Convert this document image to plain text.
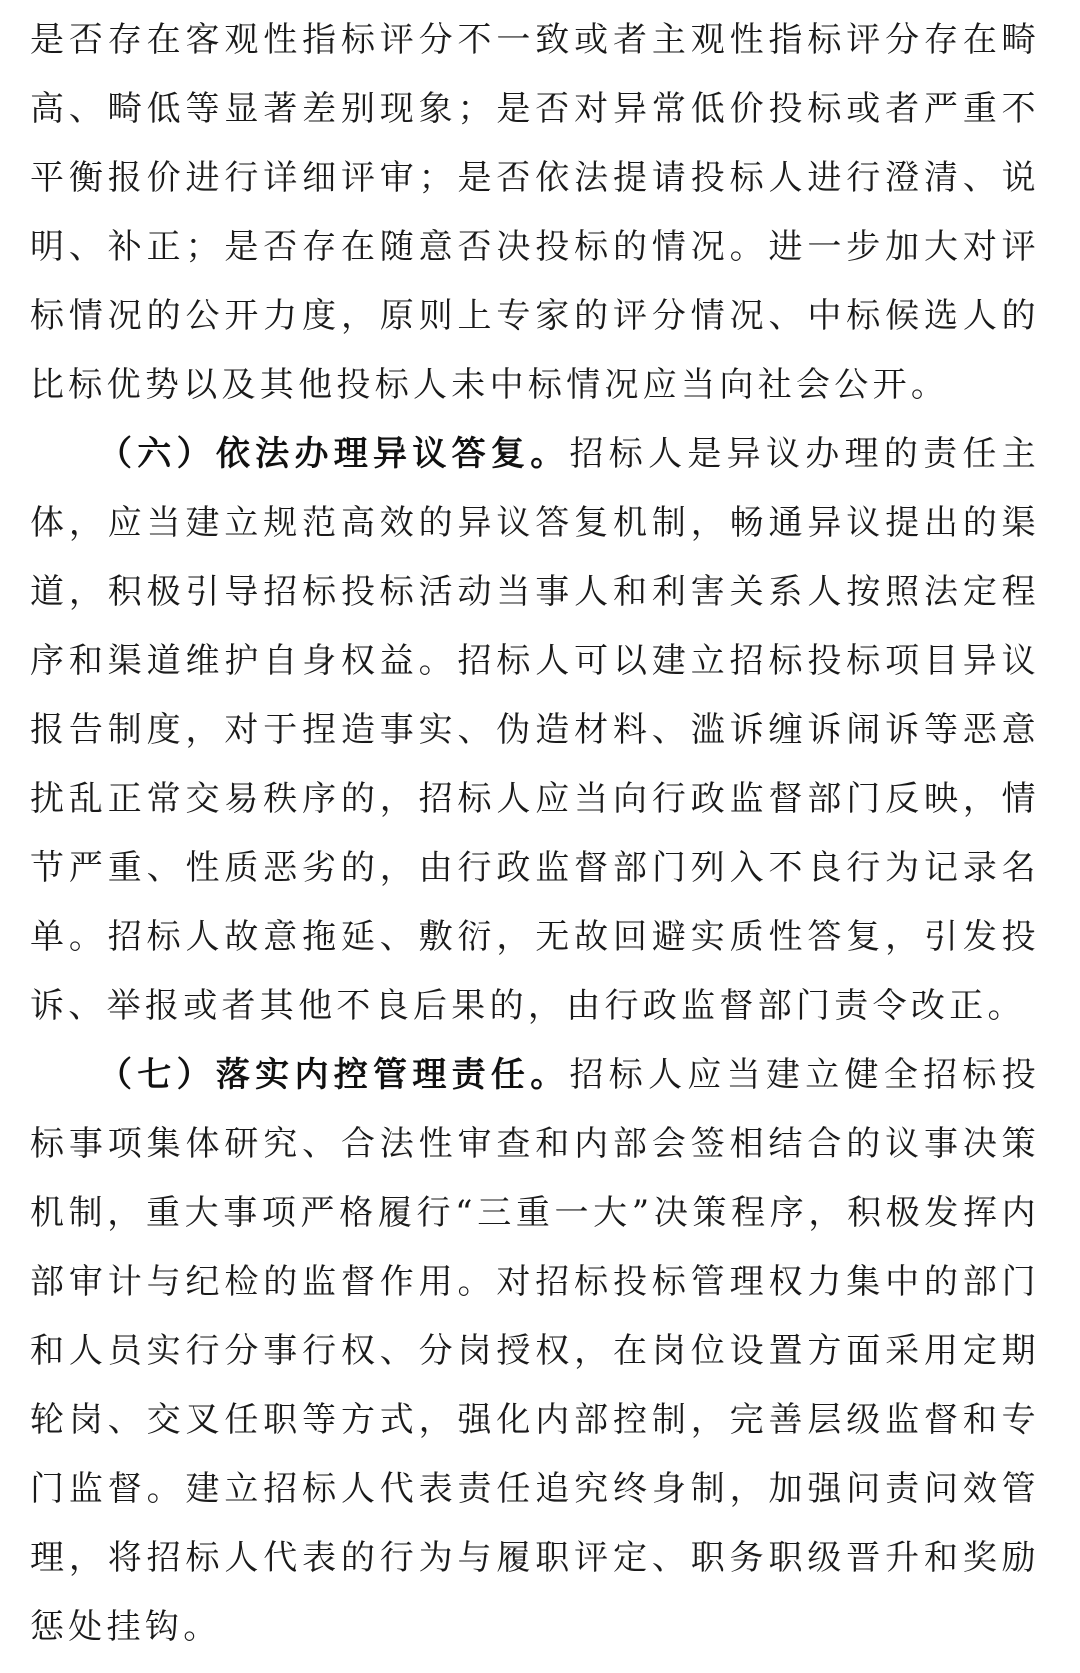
是否存在客观性指标评分不一致或者主观性指标评分存在畸高、畸低等显著差别现象；是否对异常低价投标或者严重不平衡报价进行详细评审；是否依法提请投标人进行澄清、说明、补正；是否存在随意否决投标的情况。进一步加大对评标情况的公开力度，原则上专家的评分情况、中标候选人的比标优势以及其他投标人未中标情况应当向社会公开。

（六）依法办理异议答复。招标人是异议办理的责任主体，应当建立规范高效的异议答复机制，畅通异议提出的渠道，积极引导招标投标活动当事人和利害关系人按照法定程序和渠道维护自身权益。招标人可以建立招标投标项目异议报告制度，对于捏造事实、伪造材料、滥诉缠诉闹诉等恶意扰乱正常交易秩序的，招标人应当向行政监督部门反映，情节严重、性质恶劣的，由行政监督部门列入不良行为记录名单。招标人故意拖延、敷衍，无故回避实质性答复，引发投诉、举报或者其他不良后果的，由行政监督部门责令改正。

（七）落实内控管理责任。招标人应当建立健全招标投标事项集体研究、合法性审查和内部会签相结合的议事决策机制，重大事项严格履行“三重一大”决策程序，积极发挥内部审计与纪检的监督作用。对招标投标管理权力集中的部门和人员实行分事行权、分岗授权，在岗位设置方面采用定期轮岗、交叉任职等方式，强化内部控制，完善层级监督和专门监督。建立招标人代表责任追究终身制，加强问责问效管理，将招标人代表的行为与履职评定、职务职级晋升和奖励惩处挂钩。
